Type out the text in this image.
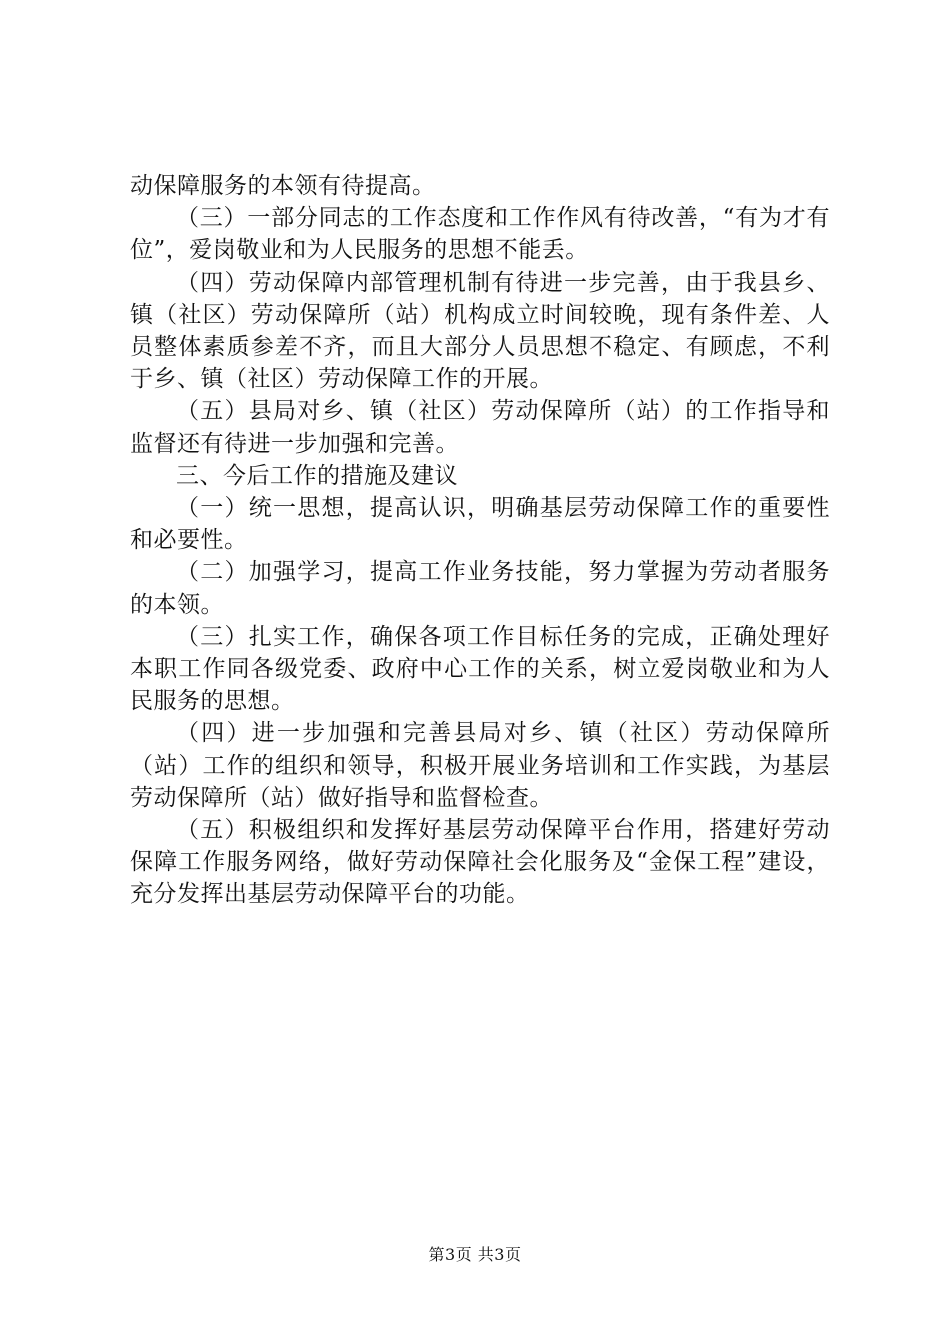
动保障服务的本领有待提高。

（三）一部分同志的工作态度和工作作风有待改善，“有为才有位”，爱岗敬业和为人民服务的思想不能丢。

（四）劳动保障内部管理机制有待进一步完善，由于我县乡、镇（社区）劳动保障所（站）机构成立时间较晚，现有条件差、人员整体素质参差不齐，而且大部分人员思想不稳定、有顾虑，不利于乡、镇（社区）劳动保障工作的开展。

（五）县局对乡、镇（社区）劳动保障所（站）的工作指导和监督还有待进一步加强和完善。

三、今后工作的措施及建议

（一）统一思想，提高认识，明确基层劳动保障工作的重要性和必要性。

（二）加强学习，提高工作业务技能，努力掌握为劳动者服务的本领。

（三）扎实工作，确保各项工作目标任务的完成，正确处理好本职工作同各级党委、政府中心工作的关系，树立爱岗敬业和为人民服务的思想。

（四）进一步加强和完善县局对乡、镇（社区）劳动保障所（站）工作的组织和领导，积极开展业务培训和工作实践，为基层劳动保障所（站）做好指导和监督检查。

（五）积极组织和发挥好基层劳动保障平台作用，搭建好劳动保障工作服务网络，做好劳动保障社会化服务及“金保工程”建设，充分发挥出基层劳动保障平台的功能。

第3页 共3页
